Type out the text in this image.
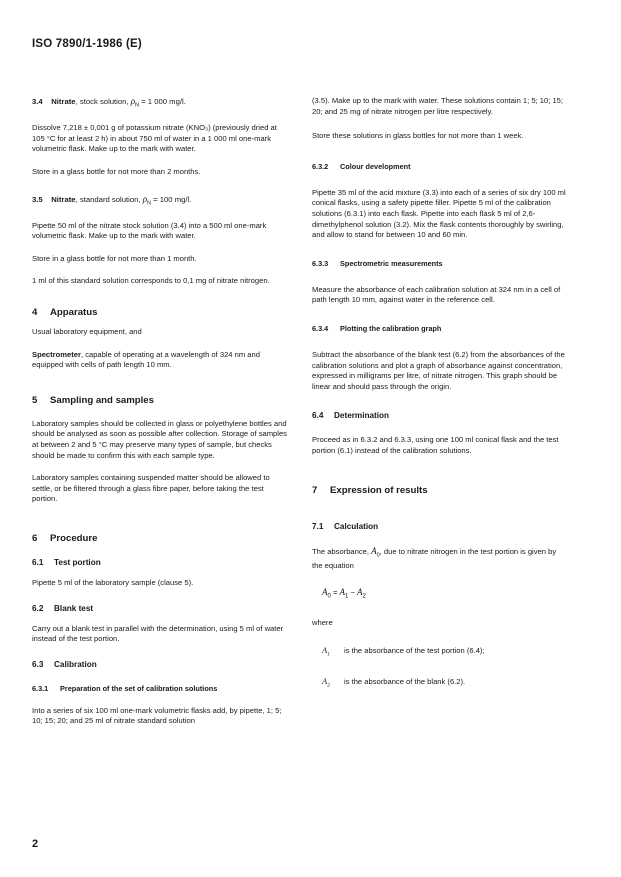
ISO 7890/1-1986 (E)

3.4 Nitrate, stock solution, $\rho_N = 1$ 000 mg/l.

Dissolve 7,218 ± 0,001 g of potassium nitrate (KNO₃) (previously dried at 105 °C for at least 2 h) in about 750 ml of water in a 1 000 ml one-mark volumetric flask. Make up to the mark with water.

Store in a glass bottle for not more than 2 months.

3.5 Nitrate, standard solution, $\rho_N = 100$ mg/l.

Pipette 50 ml of the nitrate stock solution (3.4) into a 500 ml one-mark volumetric flask. Make up to the mark with water.

Store in a glass bottle for not more than 1 month.

1 ml of this standard solution corresponds to 0,1 mg of nitrate nitrogen.

4 Apparatus

Usual laboratory equipment, and

Spectrometer, capable of operating at a wavelength of 324 nm and equipped with cells of path length 10 mm.

5 Sampling and samples

Laboratory samples should be collected in glass or polyethylene bottles and should be analysed as soon as possible after collection. Storage of samples at between 2 and 5 °C may preserve many types of sample, but checks should be made to confirm this with each sample type.

Laboratory samples containing suspended matter should be allowed to settle, or be filtered through a glass fibre paper, before taking the test portion.

6 Procedure

6.1 Test portion

Pipette 5 ml of the laboratory sample (clause 5).

6.2 Blank test

Carry out a blank test in parallel with the determination, using 5 ml of water instead of the test portion.

6.3 Calibration

6.3.1 Preparation of the set of calibration solutions

Into a series of six 100 ml one-mark volumetric flasks add, by pipette, 1; 5; 10; 15; 20; and 25 ml of nitrate standard solution

(3.5). Make up to the mark with water. These solutions contain 1; 5; 10; 15; 20; and 25 mg of nitrate nitrogen per litre respectively.

Store these solutions in glass bottles for not more than 1 week.

6.3.2 Colour development

Pipette 35 ml of the acid mixture (3.3) into each of a series of six dry 100 ml conical flasks, using a safety pipette filler. Pipette 5 ml of the calibration solutions (6.3.1) into each flask. Pipette into each flask 5 ml of 2,6-dimethylphenol solution (3.2). Mix the flask contents thoroughly by swirling, and allow to stand for between 10 and 60 min.

6.3.3 Spectrometric measurements

Measure the absorbance of each calibration solution at 324 nm in a cell of path length 10 mm, against water in the reference cell.

6.3.4 Plotting the calibration graph

Subtract the absorbance of the blank test (6.2) from the absorbances of the calibration solutions and plot a graph of absorbance against concentration, expressed in milligrams per litre, of nitrate nitrogen. This graph should be linear and should pass through the origin.

6.4 Determination

Proceed as in 6.3.2 and 6.3.3, using one 100 ml conical flask and the test portion (6.1) instead of the calibration solutions.

7 Expression of results

7.1 Calculation

The absorbance, $A_0$, due to nitrate nitrogen in the test portion is given by the equation

$A_0 = A_1 - A_2$

where

$A_1$ is the absorbance of the test portion (6.4);

$A_2$ is the absorbance of the blank (6.2).

2
